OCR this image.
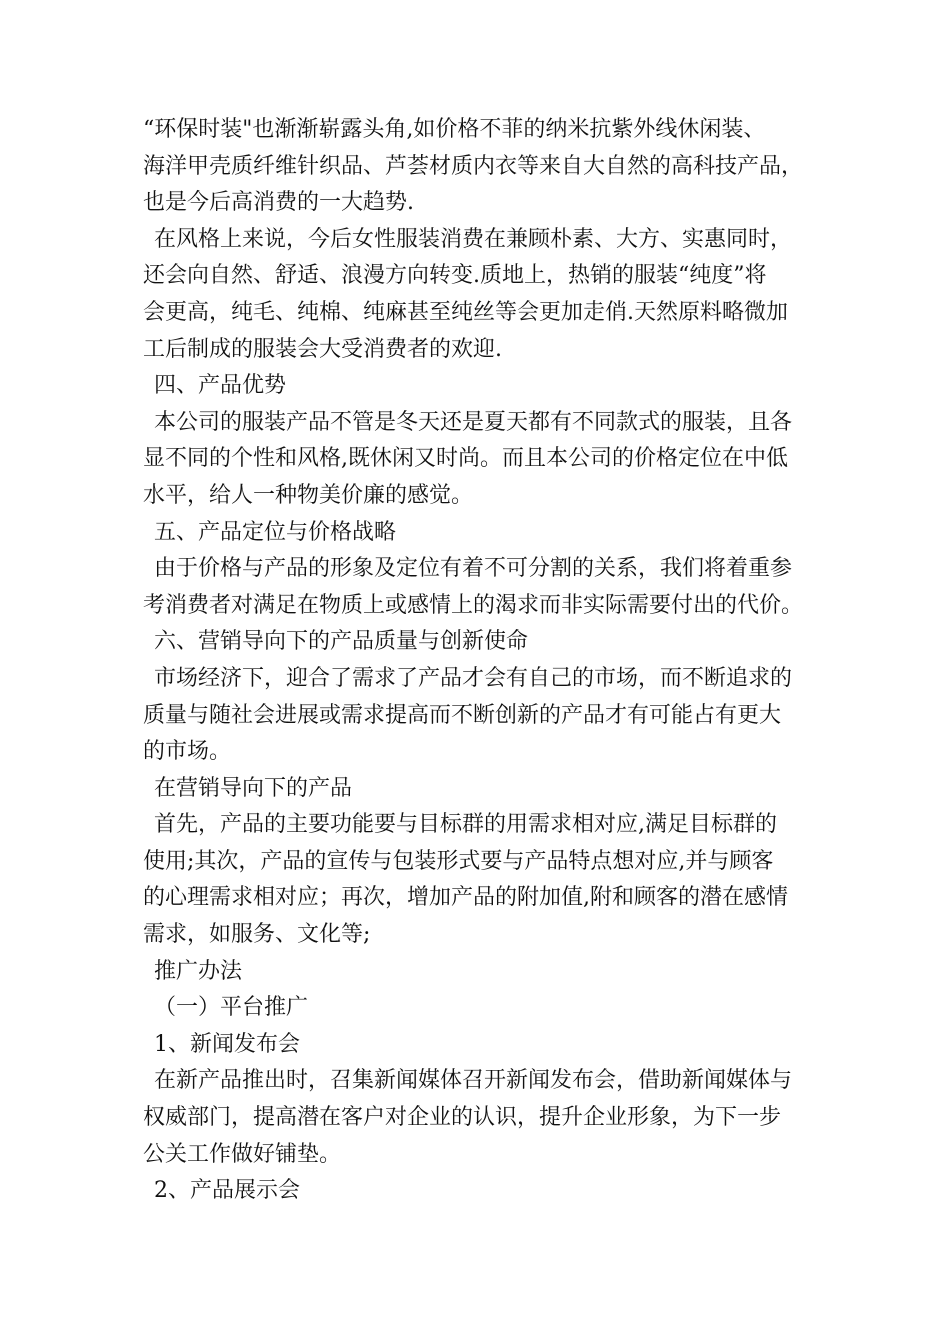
“环保时装"也渐渐崭露头角,如价格不菲的纳米抗紫外线休闲装、
海洋甲壳质纤维针织品、芦荟材质内衣等来自大自然的高科技产品，
也是今后高消费的一大趋势.
在风格上来说，今后女性服装消费在兼顾朴素、大方、实惠同时，
还会向自然、舒适、浪漫方向转变.质地上，热销的服装“纯度”将
会更高，纯毛、纯棉、纯麻甚至纯丝等会更加走俏.天然原料略微加
工后制成的服装会大受消费者的欢迎.
四、产品优势
本公司的服装产品不管是冬天还是夏天都有不同款式的服装，且各
显不同的个性和风格,既休闲又时尚。而且本公司的价格定位在中低
水平，给人一种物美价廉的感觉。
五、产品定位与价格战略
由于价格与产品的形象及定位有着不可分割的关系，我们将着重参
考消费者对满足在物质上或感情上的渴求而非实际需要付出的代价。
六、营销导向下的产品质量与创新使命
市场经济下，迎合了需求了产品才会有自己的市场，而不断追求的
质量与随社会进展或需求提高而不断创新的产品才有可能占有更大
的市场。
在营销导向下的产品
首先，产品的主要功能要与目标群的用需求相对应,满足目标群的
使用;其次，产品的宣传与包装形式要与产品特点想对应,并与顾客
的心理需求相对应；再次，增加产品的附加值,附和顾客的潜在感情
需求，如服务、文化等;
推广办法
（一）平台推广
1、新闻发布会
在新产品推出时，召集新闻媒体召开新闻发布会，借助新闻媒体与
权威部门，提高潜在客户对企业的认识，提升企业形象，为下一步
公关工作做好铺垫。
2、产品展示会
